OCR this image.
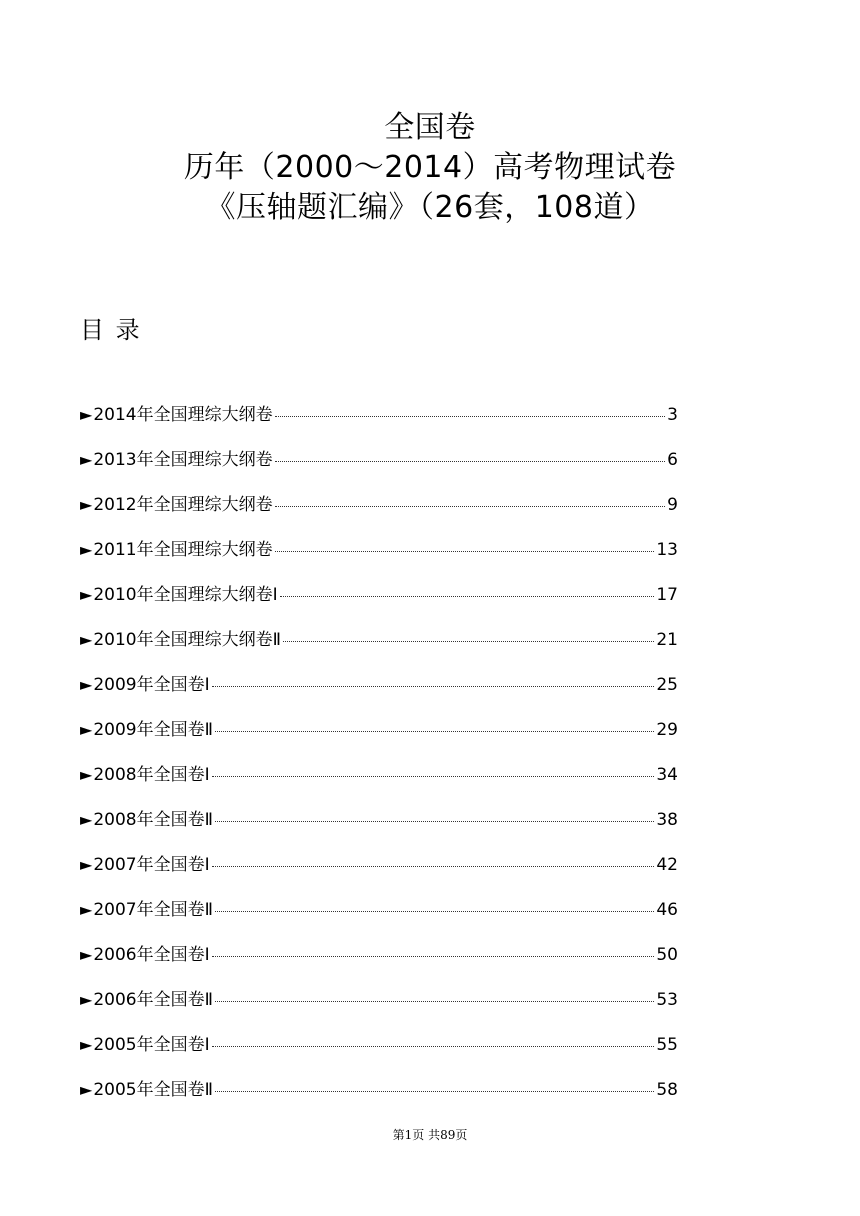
全国卷
历年（2000～2014）高考物理试卷
《压轴题汇编》（26套，108道）
目 录
► 2014年全国理综大纲卷	3
► 2013年全国理综大纲卷	6
► 2012年全国理综大纲卷	9
► 2011年全国理综大纲卷	13
► 2010年全国理综大纲卷Ⅰ	17
► 2010年全国理综大纲卷Ⅱ	21
► 2009年全国卷Ⅰ	25
► 2009年全国卷Ⅱ	29
► 2008年全国卷Ⅰ	34
► 2008年全国卷Ⅱ	38
► 2007年全国卷Ⅰ	42
► 2007年全国卷Ⅱ	46
► 2006年全国卷Ⅰ	50
► 2006年全国卷Ⅱ	53
► 2005年全国卷Ⅰ	55
► 2005年全国卷Ⅱ	58
第1页 共89页
